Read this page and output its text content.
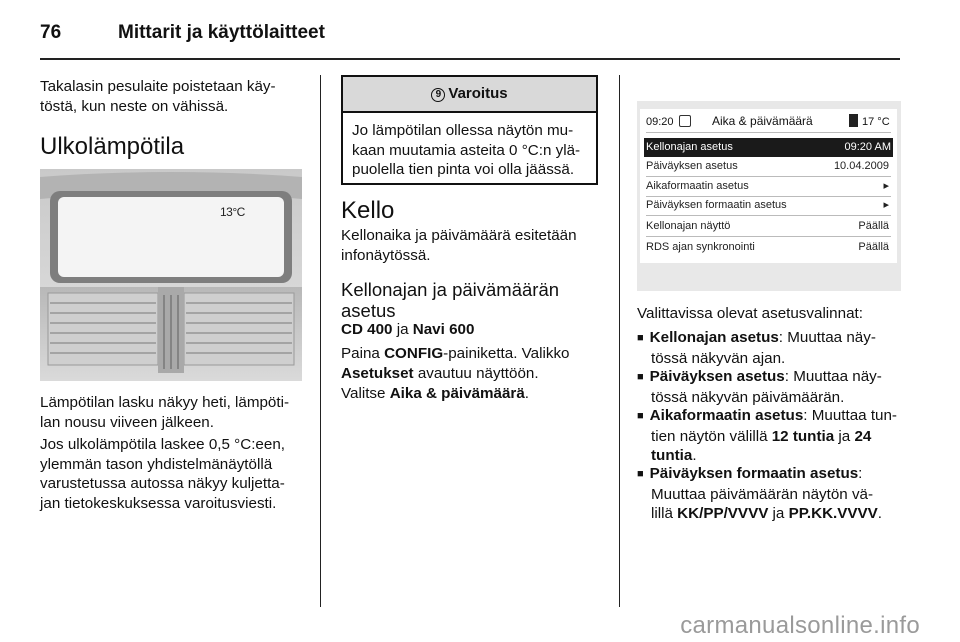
76	Mittarit ja käyttölaitteet
Takalasin pesulaite poistetaan käy-
töstä, kun neste on vähissä.
Ulkolämpötila
13°C
Lämpötilan lasku näkyy heti, lämpöti-
lan nousu viiveen jälkeen.
Jos ulkolämpötila laskee 0,5 °C:een,
ylemmän tason yhdistelmänäytöllä
varustetussa autossa näkyy kuljetta-
jan tietokeskuksessa varoitusviesti.
9 Varoitus
Jo lämpötilan ollessa näytön mu-
kaan muutamia asteita 0 °C:n ylä-
puolella tien pinta voi olla jäässä.
Kello
Kellonaika ja päivämäärä esitetään
infonäytössä.
Kellonajan ja päivämäärän
asetus
CD 400 ja Navi 600
Paina CONFIG-painiketta. Valikko
Asetukset avautuu näyttöön.
Valitse Aika & päivämäärä.
09:20	Aika & päivämäärä	17 °C
Kellonajan asetus	09:20 AM
Päiväyksen asetus	10.04.2009
Aikaformaatin asetus	▸
Päiväyksen formaatin asetus	▸
Kellonajan näyttö	Päällä
RDS ajan synkronointi	Päällä
Valittavissa olevat asetusvalinnat:
■ Kellonajan asetus: Muuttaa näy-
tössä näkyvän ajan.
■ Päiväyksen asetus: Muuttaa näy-
tössä näkyvän päivämäärän.
■ Aikaformaatin asetus: Muuttaa tun-
tien näytön välillä 12 tuntia ja 24
tuntia.
■ Päiväyksen formaatin asetus:
Muuttaa päivämäärän näytön vä-
lillä KK/PP/VVVV ja PP.KK.VVVV.
carmanualsonline.info
